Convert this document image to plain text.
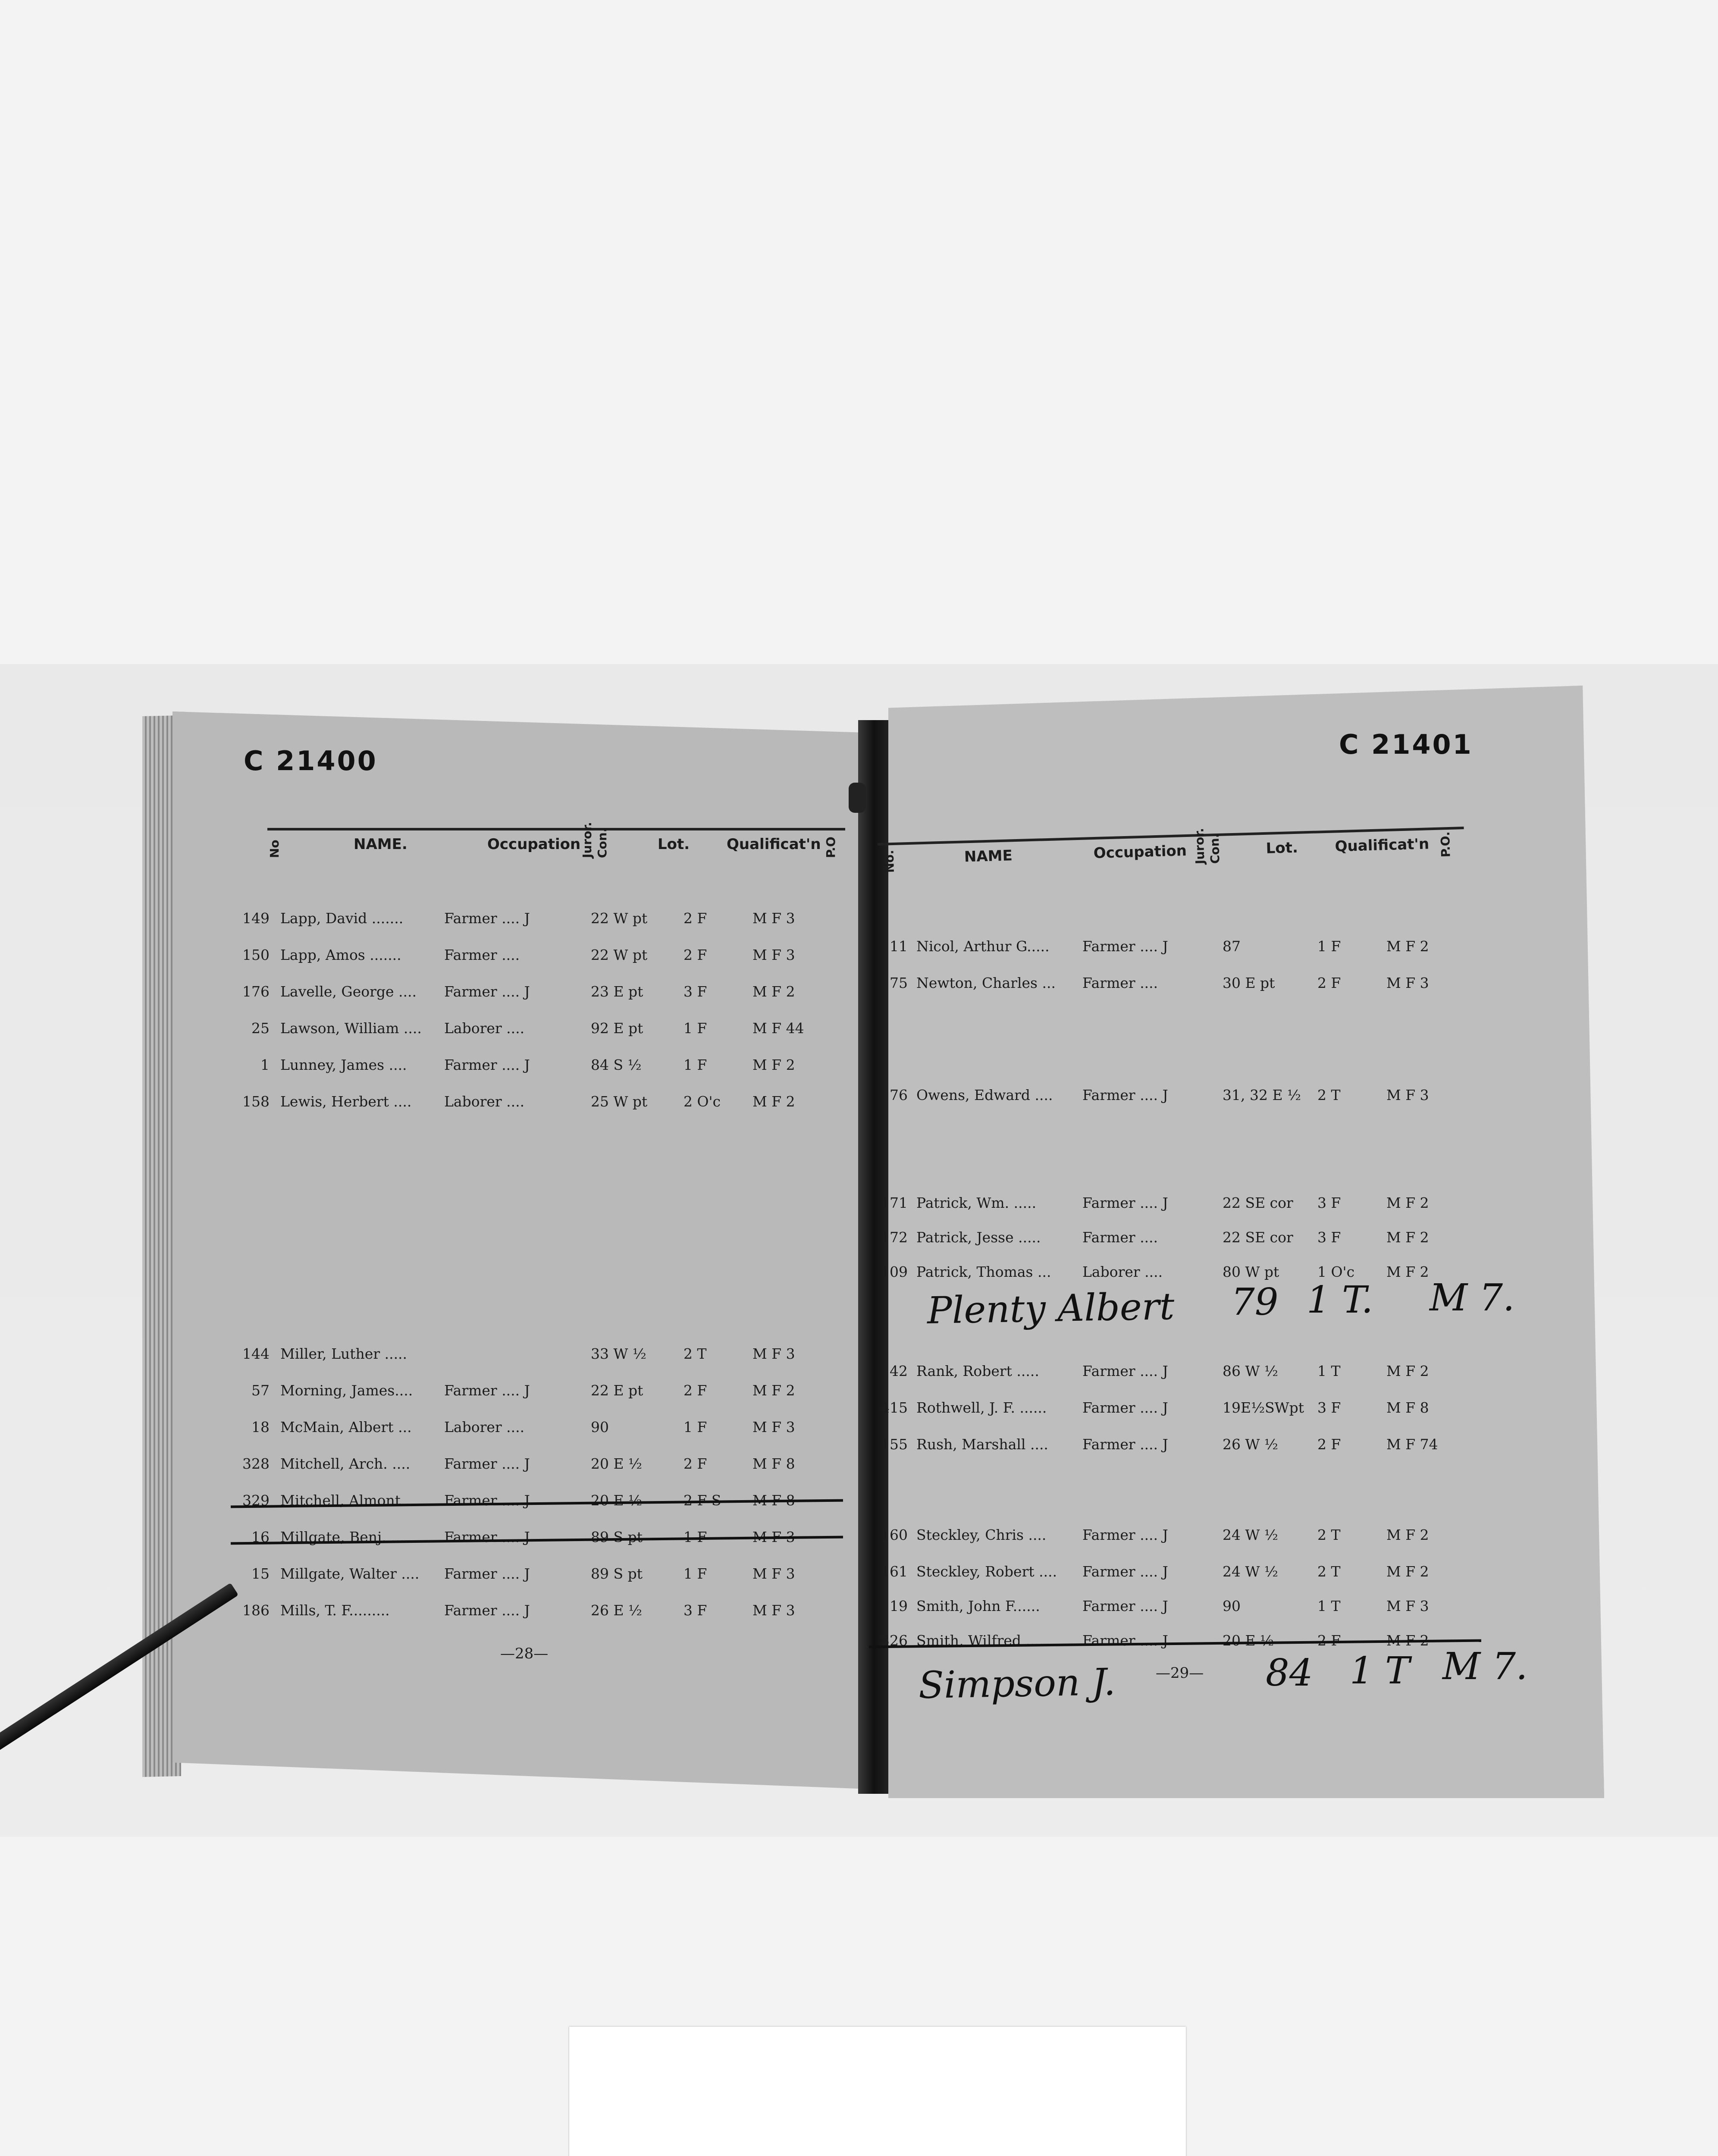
C 21400
No	NAME.	Occupation
Juror. Con.	Lot.	Qualificat'n P.O
149 Lapp, David .......	Farmer .... J	22 W pt	2 F	M F 3
150 Lapp, Amos .......	Farmer ....	22 W pt	2 F	M F 3
176 Lavelle, George .... Farmer .... J	23 E pt	3 F	M F 2
25 Lawson, William .... Laborer ....	92 E pt	1 F	M F 44
1 Lunney, James ....	Farmer .... J	84 S ½	1 F	M F 2
158 Lewis, Herbert .... Laborer ....	25 W pt	2 O'c M F 2
144 Miller, Luther .....	33 W ½	2 T	M F 3
57 Morning, James.... Farmer .... J	22 E pt	2 F	M F 2
18 McMain, Albert ... Laborer ....	90	1 F	M F 3
328 Mitchell, Arch. .... Farmer .... J	20 E ½	2 F	M F 8
329 Mitchell, Almont ... Farmer .... J	20 E ½	2 F S M F 8
16 Millgate, Benj. .... Farmer .... J	89 S pt	1 F	M F 3
15 Millgate, Walter .... Farmer .... J	89 S pt	1 F	M F 3
186 Mills, T. F.........	Farmer .... J	26 E ½	3 F	M F 3
—28—
C 21401
No.	NAME	Occupation Juror. Con.	Lot. Qualificat'n P.O.
11 Nicol, Arthur G..... Farmer .... J	87	1 F	M F 2
75 Newton, Charles ... Farmer ....	30 E pt	2 F	M F 3
76 Owens, Edward .... Farmer .... J	31, 32 E ½ 2 T	M F 3
171 Patrick, Wm. .....	Farmer .... J	22 SE cor 3 F	M F 2
172 Patrick, Jesse .....	Farmer ....	22 SE cor 3 F	M F 2
109 Patrick, Thomas ... Laborer ....	80 W pt	1 O'c M F 2
42 Rank, Robert .....	Farmer .... J	86 W ½	1 T	M F 2
415 Rothwell, J. F. ......	Farmer .... J	19E½SWpt 3 F	M F 8
155 Rush, Marshall .... Farmer .... J	26 W ½	2 F	M F 74
160 Steckley, Chris ....	Farmer .... J	24 W ½	2 T	M F 2
161 Steckley, Robert .... Farmer .... J	24 W ½	2 T	M F 2
19 Smith, John F......	Farmer .... J	90	1 T	M F 3
326 Smith, Wilfred ...... Farmer .... J	20 E ½	2 F	M F 2
Plenty Albert 79 1 T. M 7.
Simpson J.	—29— 84 1 T M 7.
